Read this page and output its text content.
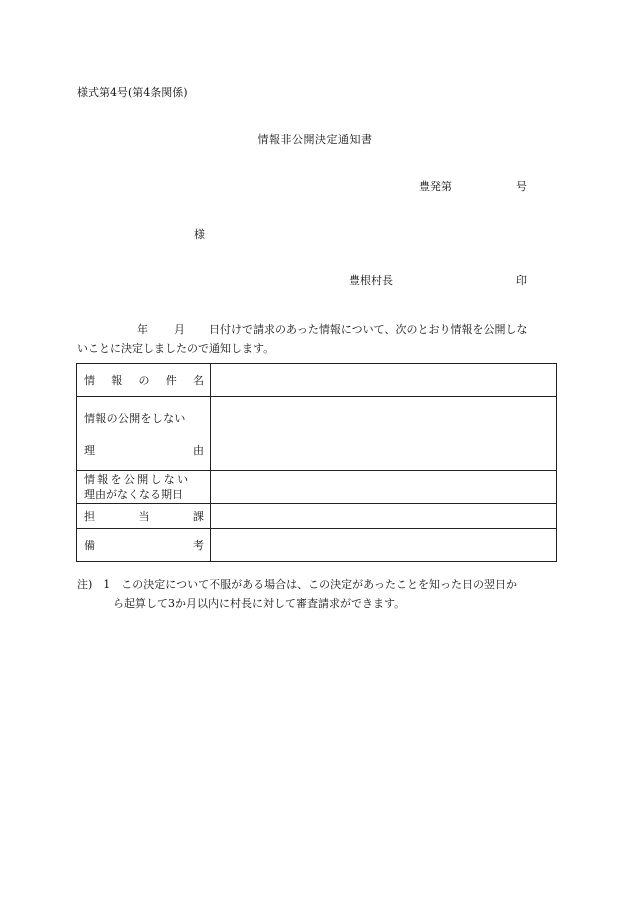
様式第4号(第4条関係)
情報非公開決定通知書
豊発第	号
様
豊根村長	印
年 月 日付けで請求のあった情報について、次のとおり情報を公開しな
いことに決定しましたので通知します。
情 報 の 件 名	

情報の公開をしない
理 由	

情報を公開しない
理由がなくなる期日	

担 当 課	

備 考	

注)　1　この決定について不服がある場合は、この決定があったことを知った日の翌日か
ら起算して3か月以内に村長に対して審査請求ができます。
